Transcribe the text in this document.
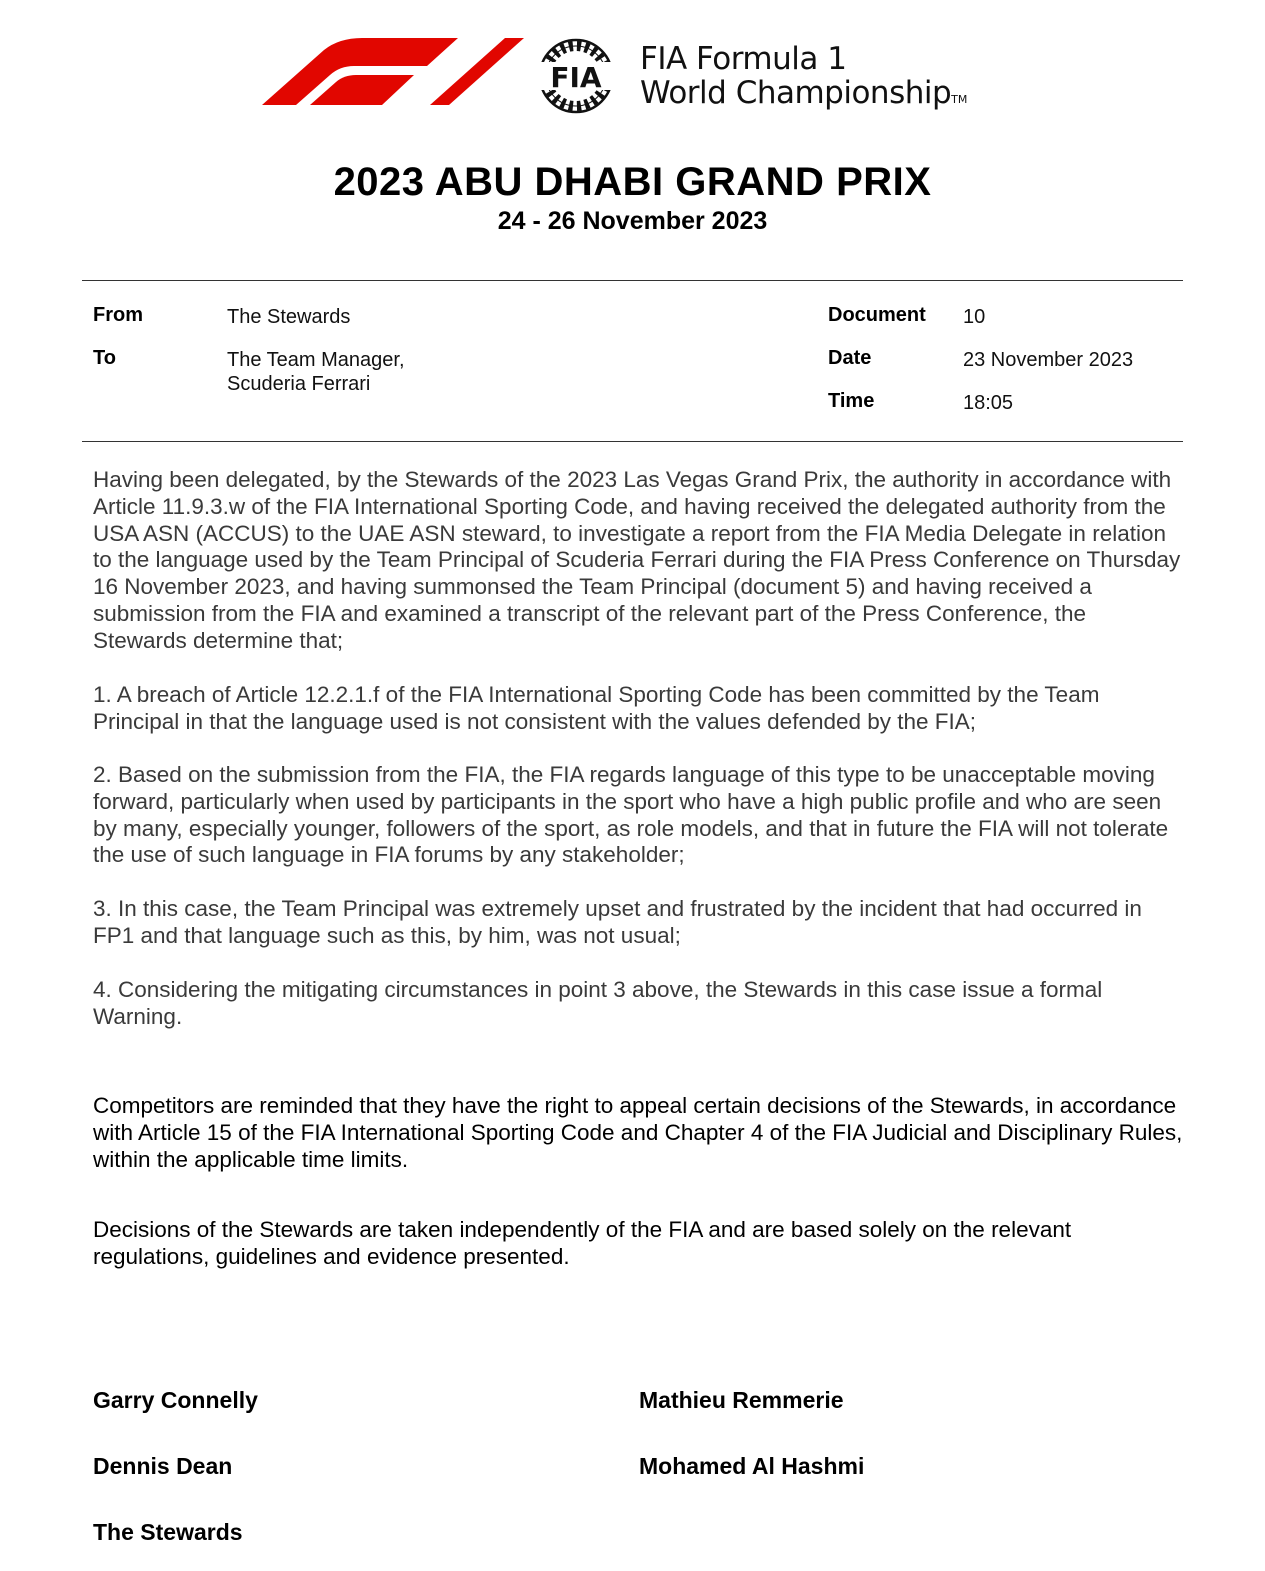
FIA
FIA Formula 1
World ChampionshipTM
2023 ABU DHABI GRAND PRIX
24 - 26 November 2023
From	The Stewards
To	The Team Manager,
Scuderia Ferrari
Document 10
Date	23 November 2023
Time	18:05
Having been delegated, by the Stewards of the 2023 Las Vegas Grand Prix, the authority in accordance with Article 11.9.3.w of the FIA International Sporting Code, and having received the delegated authority from the USA ASN (ACCUS) to the UAE ASN steward, to investigate a report from the FIA Media Delegate in relation to the language used by the Team Principal of Scuderia Ferrari during the FIA Press Conference on Thursday 16 November 2023, and having summonsed the Team Principal (document 5) and having received a submission from the FIA and examined a transcript of the relevant part of the Press Conference, the Stewards determine that;
1. A breach of Article 12.2.1.f of the FIA International Sporting Code has been committed by the Team Principal in that the language used is not consistent with the values defended by the FIA;
2. Based on the submission from the FIA, the FIA regards language of this type to be unacceptable moving forward, particularly when used by participants in the sport who have a high public profile and who are seen by many, especially younger, followers of the sport, as role models, and that in future the FIA will not tolerate the use of such language in FIA forums by any stakeholder;
3. In this case, the Team Principal was extremely upset and frustrated by the incident that had occurred in FP1 and that language such as this, by him, was not usual;
4. Considering the mitigating circumstances in point 3 above, the Stewards in this case issue a formal Warning.
Competitors are reminded that they have the right to appeal certain decisions of the Stewards, in accordance with Article 15 of the FIA International Sporting Code and Chapter 4 of the FIA Judicial and Disciplinary Rules, within the applicable time limits.
Decisions of the Stewards are taken independently of the FIA and are based solely on the relevant regulations, guidelines and evidence presented.
Garry Connelly	Mathieu Remmerie
Dennis Dean	Mohamed Al Hashmi
The Stewards
